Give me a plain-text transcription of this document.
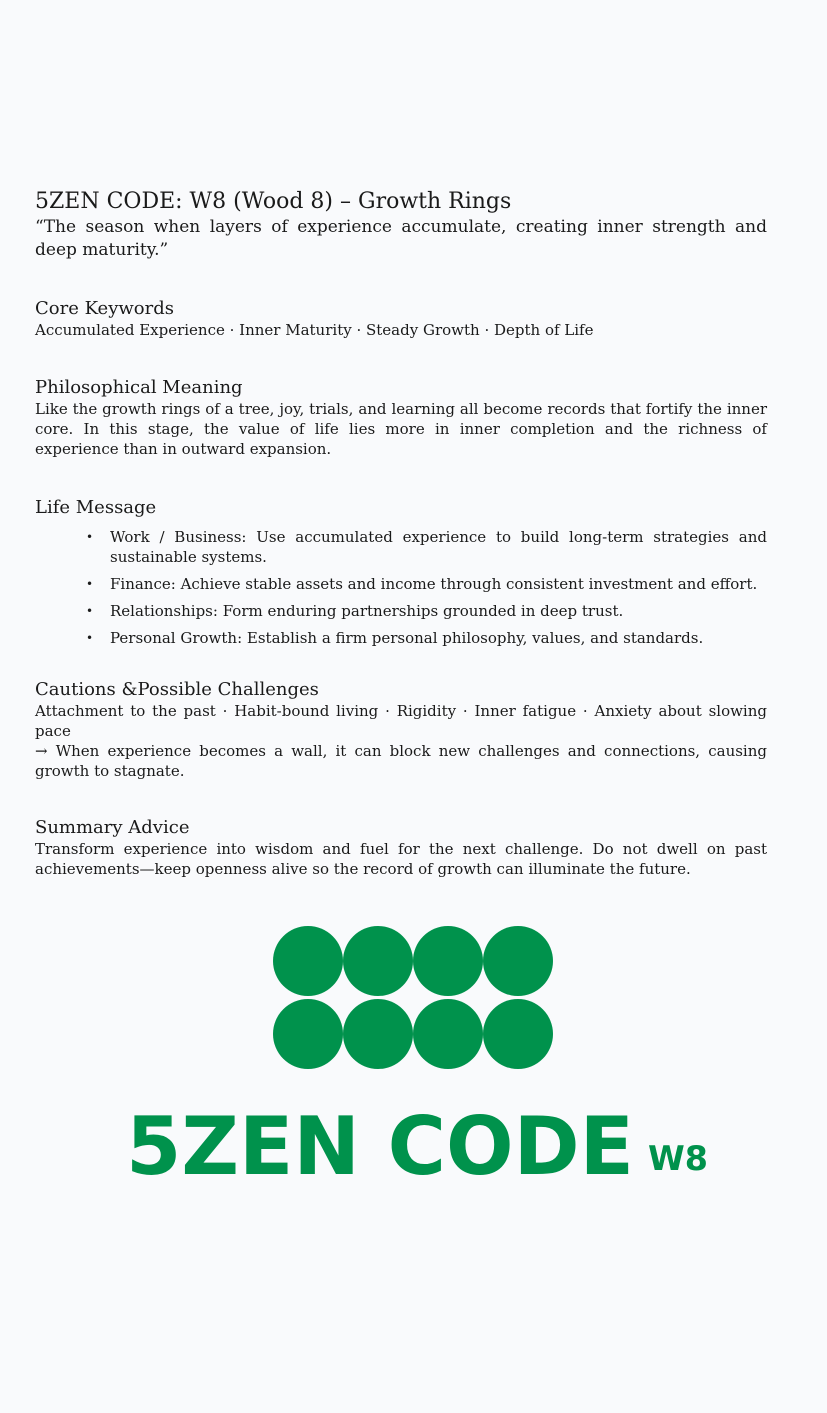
5ZEN CODE: W8 (Wood 8) – Growth Rings

“The season when layers of experience accumulate, creating inner strength and deep maturity.”

Core Keywords

Accumulated Experience · Inner Maturity · Steady Growth · Depth of Life

Philosophical Meaning

Like the growth rings of a tree, joy, trials, and learning all become records that fortify the inner core. In this stage, the value of life lies more in inner completion and the richness of experience than in outward expansion.

Life Message
• Work / Business: Use accumulated experience to build long-term strategies and sustainable systems.
• Finance: Achieve stable assets and income through consistent investment and effort.
• Relationships: Form enduring partnerships grounded in deep trust.
• Personal Growth: Establish a firm personal philosophy, values, and standards.
Cautions &Possible Challenges

Attachment to the past · Habit-bound living · Rigidity · Inner fatigue · Anxiety about slowing pace

→ When experience becomes a wall, it can block new challenges and connections, causing growth to stagnate.

Summary Advice

Transform experience into wisdom and fuel for the next challenge. Do not dwell on past achievements—keep openness alive so the record of growth can illuminate the future.

5ZEN CODE W8
